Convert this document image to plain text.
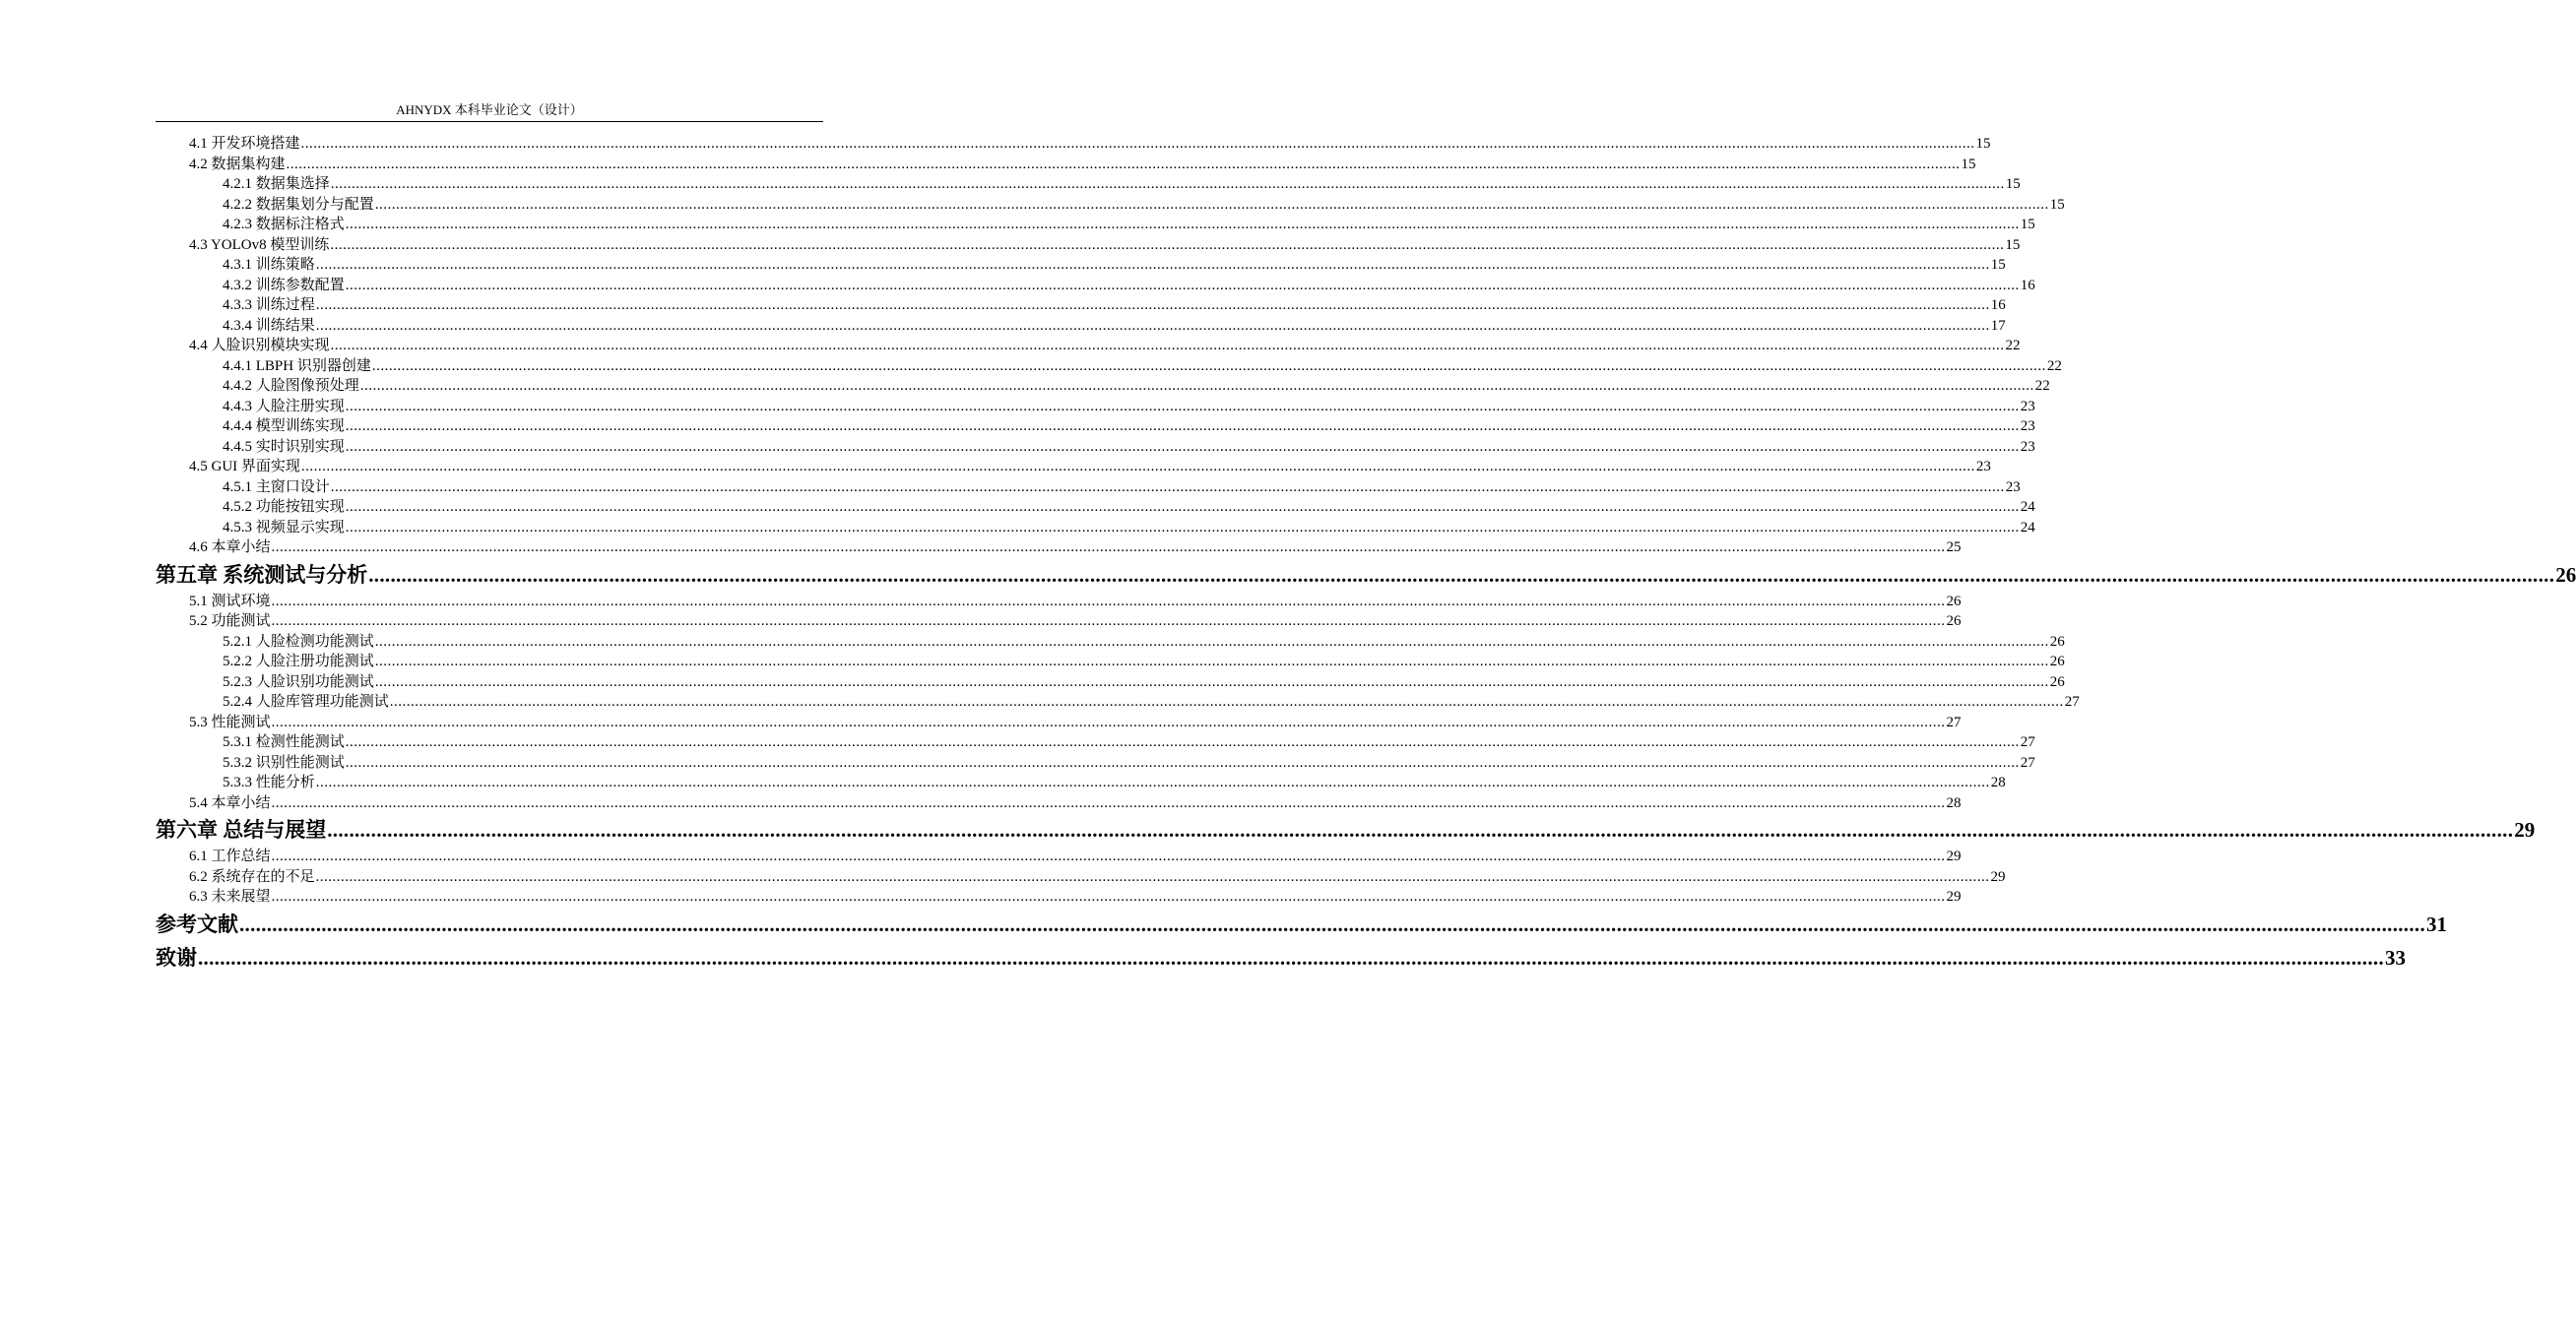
AHNYDX 本科毕业论文（设计）
4.1 开发环境搭建 ................................................................................................................................................................................................................................................................................................................................................................................................................ 15
4.2 数据集构建 ................................................................................................................................................................................................................................................................................................................................................................................................................ 15
4.2.1 数据集选择 ................................................................................................................................................................................................................................................................................................................................................................................................................ 15
4.2.2 数据集划分与配置 ................................................................................................................................................................................................................................................................................................................................................................................................................ 15
4.2.3 数据标注格式 ................................................................................................................................................................................................................................................................................................................................................................................................................ 15
4.3 YOLOv8 模型训练 ................................................................................................................................................................................................................................................................................................................................................................................................................ 15
4.3.1 训练策略 ................................................................................................................................................................................................................................................................................................................................................................................................................ 15
4.3.2 训练参数配置 ................................................................................................................................................................................................................................................................................................................................................................................................................ 16
4.3.3 训练过程 ................................................................................................................................................................................................................................................................................................................................................................................................................ 16
4.3.4 训练结果 ................................................................................................................................................................................................................................................................................................................................................................................................................ 17
4.4 人脸识别模块实现 ................................................................................................................................................................................................................................................................................................................................................................................................................ 22
4.4.1 LBPH 识别器创建 ................................................................................................................................................................................................................................................................................................................................................................................................................ 22
4.4.2 人脸图像预处理 ................................................................................................................................................................................................................................................................................................................................................................................................................ 22
4.4.3 人脸注册实现 ................................................................................................................................................................................................................................................................................................................................................................................................................ 23
4.4.4 模型训练实现 ................................................................................................................................................................................................................................................................................................................................................................................................................ 23
4.4.5 实时识别实现 ................................................................................................................................................................................................................................................................................................................................................................................................................ 23
4.5 GUI 界面实现 ................................................................................................................................................................................................................................................................................................................................................................................................................ 23
4.5.1 主窗口设计 ................................................................................................................................................................................................................................................................................................................................................................................................................ 23
4.5.2 功能按钮实现 ................................................................................................................................................................................................................................................................................................................................................................................................................ 24
4.5.3 视频显示实现 ................................................................................................................................................................................................................................................................................................................................................................................................................ 24
4.6 本章小结 ................................................................................................................................................................................................................................................................................................................................................................................................................ 25
第五章 系统测试与分析 ................................................................................................................................................................................................................................................................................................................................................................................................................ 26
5.1 测试环境 ................................................................................................................................................................................................................................................................................................................................................................................................................ 26
5.2 功能测试 ................................................................................................................................................................................................................................................................................................................................................................................................................ 26
5.2.1 人脸检测功能测试 ................................................................................................................................................................................................................................................................................................................................................................................................................ 26
5.2.2 人脸注册功能测试 ................................................................................................................................................................................................................................................................................................................................................................................................................ 26
5.2.3 人脸识别功能测试 ................................................................................................................................................................................................................................................................................................................................................................................................................ 26
5.2.4 人脸库管理功能测试 ................................................................................................................................................................................................................................................................................................................................................................................................................ 27
5.3 性能测试 ................................................................................................................................................................................................................................................................................................................................................................................................................ 27
5.3.1 检测性能测试 ................................................................................................................................................................................................................................................................................................................................................................................................................ 27
5.3.2 识别性能测试 ................................................................................................................................................................................................................................................................................................................................................................................................................ 27
5.3.3 性能分析 ................................................................................................................................................................................................................................................................................................................................................................................................................ 28
5.4 本章小结 ................................................................................................................................................................................................................................................................................................................................................................................................................ 28
第六章 总结与展望 ................................................................................................................................................................................................................................................................................................................................................................................................................ 29
6.1 工作总结 ................................................................................................................................................................................................................................................................................................................................................................................................................ 29
6.2 系统存在的不足 ................................................................................................................................................................................................................................................................................................................................................................................................................ 29
6.3 未来展望 ................................................................................................................................................................................................................................................................................................................................................................................................................ 29
参考文献 ................................................................................................................................................................................................................................................................................................................................................................................................................ 31
致谢 ................................................................................................................................................................................................................................................................................................................................................................................................................ 33
